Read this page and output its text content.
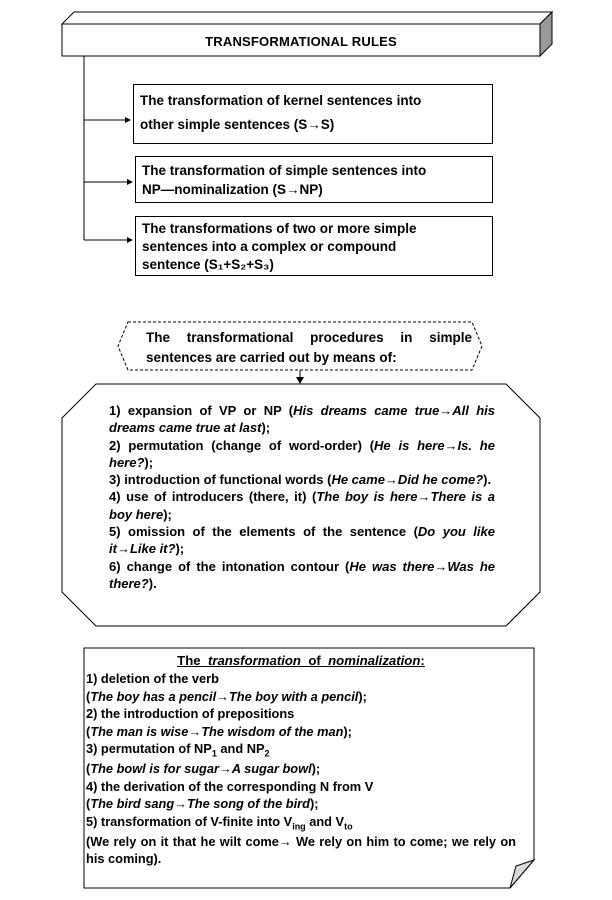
TRANSFORMATIONAL RULES
The transformation of kernel sentences into
other simple sentences (S→S)
The transformation of simple sentences into
NP—nominalization (S→NP)
The transformations of two or more simple
sentences into a complex or compound
sentence (S₁+S₂+S₃)
The transformational procedures in simple sentences are carried out by means of:

1) expansion of VP or NP (His dreams came true→All his dreams came true at last);

2) permutation (change of word-order) (He is here→Is. he here?);

3) introduction of functional words (He came→Did he come?).

4) use of introducers (there, it) (The boy is here→There is a boy here);

5) omission of the elements of the sentence (Do you like it→Like it?);

6) change of the intonation contour (He was there→Was he there?).

The transformation of nominalization:

1) deletion of the verb

(The boy has a pencil→The boy with a pencil);

2) the introduction of prepositions

(The man is wise→The wisdom of the man);

3) permutation of $NP_1$ and $NP_2$

(The bowl is for sugar→A sugar bowl);

4) the derivation of the corresponding N from V

(The bird sang→The song of the bird);

5) transformation of V-finite into $V_{ing}$ and $V_{to}$

(We rely on it that he wilt come→ We rely on him to come; we rely on his coming).
